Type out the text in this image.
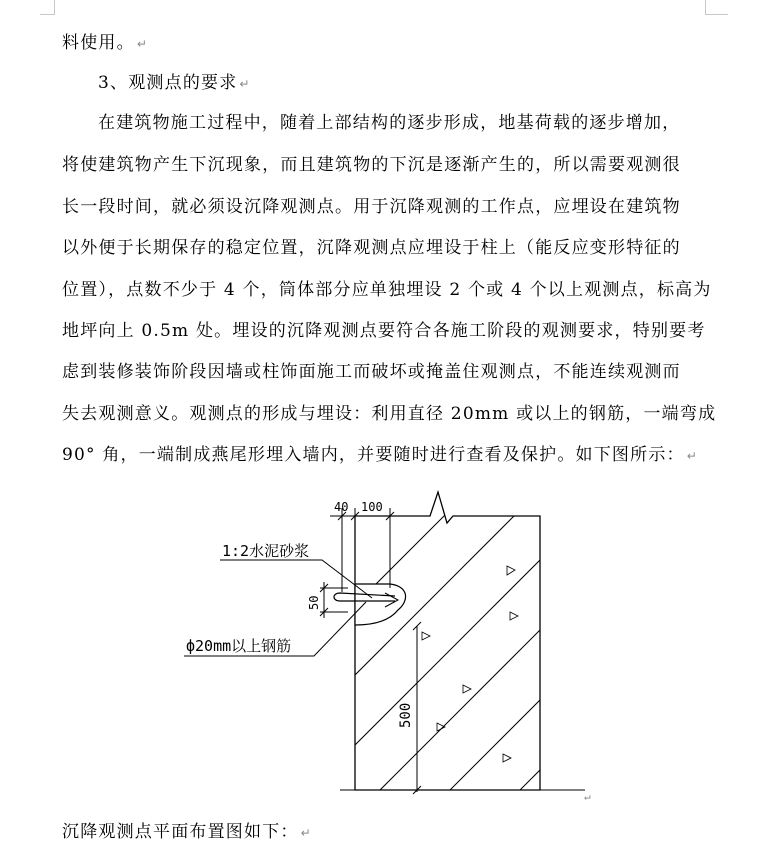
料使用。 ↵
3、观测点的要求 ↵
在建筑物施工过程中，随着上部结构的逐步形成，地基荷载的逐步增加，
将使建筑物产生下沉现象，而且建筑物的下沉是逐渐产生的，所以需要观测很
长一段时间，就必须设沉降观测点。用于沉降观测的工作点，应埋设在建筑物
以外便于长期保存的稳定位置，沉降观测点应埋设于柱上（能反应变形特征的
位置），点数不少于 4 个，筒体部分应单独埋设 2 个或 4 个以上观测点，标高为
地坪向上 0.5m 处。埋设的沉降观测点要符合各施工阶段的观测要求，特别要考
虑到装修装饰阶段因墙或柱饰面施工而破坏或掩盖住观测点，不能连续观测而
失去观测意义。观测点的形成与埋设：利用直径 20mm 或以上的钢筋，一端弯成
90° 角，一端制成燕尾形埋入墙内，并要随时进行查看及保护。如下图所示： ↵
40 100
1:2水泥砂浆
50
ф20mm以上钢筋
500
↵
沉降观测点平面布置图如下： ↵
